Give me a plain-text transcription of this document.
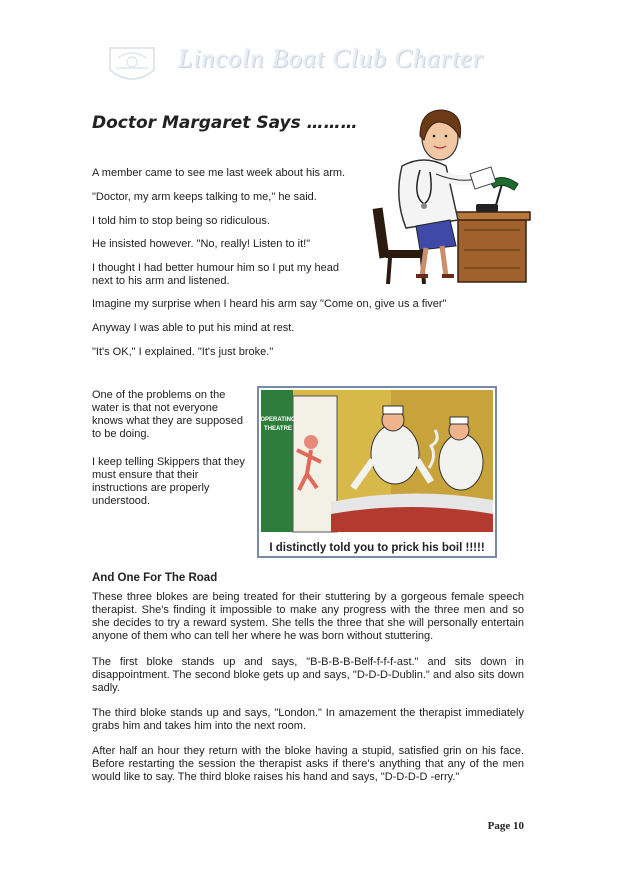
Lincoln Boat Club Charter
Doctor Margaret Says ………

A member came to see me last week about his arm.

"Doctor, my arm keeps talking to me," he said.

I told him to stop being so ridiculous.

He insisted however. "No, really! Listen to it!"

I thought I had better humour him so I put my head

next to his arm and listened.

Imagine my surprise when I heard his arm say "Come on, give us a fiver"

Anyway I was able to put his mind at rest.

"It's OK," I explained. "It's just broke."

One of the problems on the water is that not everyone knows what they are supposed to be doing.

I keep telling Skippers that they must ensure that their instructions are properly understood.

OPERATING
THEATRE
I distinctly told you to prick his boil !!!!!
And One For The Road

These three blokes are being treated for their stuttering by a gorgeous female speech therapist. She's finding it impossible to make any progress with the three men and so she decides to try a reward system. She tells the three that she will personally entertain anyone of them who can tell her where he was born without stuttering.

The first bloke stands up and says, "B-B-B-B-Belf-f-f-f-ast." and sits down in disappointment. The second bloke gets up and says, "D-D-D-Dublin." and also sits down sadly.

The third bloke stands up and says, "London." In amazement the therapist immediately grabs him and takes him into the next room.

After half an hour they return with the bloke having a stupid, satisfied grin on his face. Before restarting the session the therapist asks if there's anything that any of the men would like to say. The third bloke raises his hand and says, "D-D-D-D -erry."

Page 10
